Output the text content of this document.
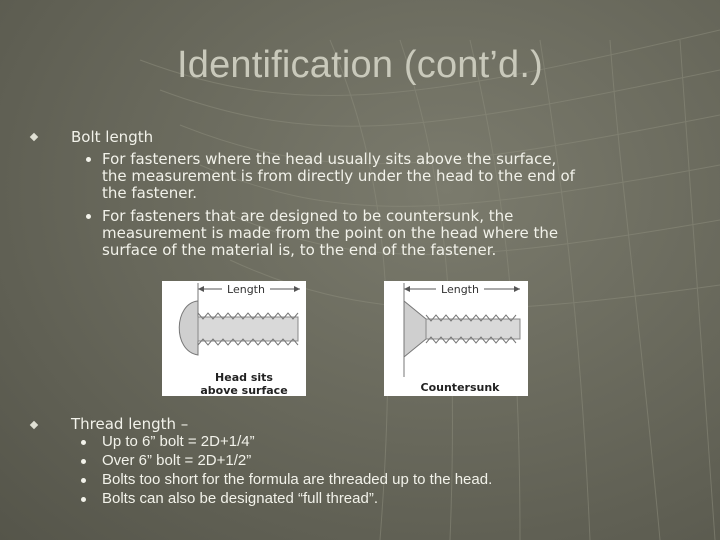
Identification (cont’d.)
Bolt length
For fasteners where the head usually sits above the surface,
the measurement is from directly under the head to the end of
the fastener.
For fasteners that are designed to be countersunk, the
measurement is made from the point on the head where the
surface of the material is, to the end of the fastener.
Length
Head sits
above surface
Length
Countersunk
Thread length –
Up to 6” bolt = 2D+1/4”
Over 6” bolt = 2D+1/2”
Bolts too short for the formula are threaded up to the head.
Bolts can also be designated “full thread”.
